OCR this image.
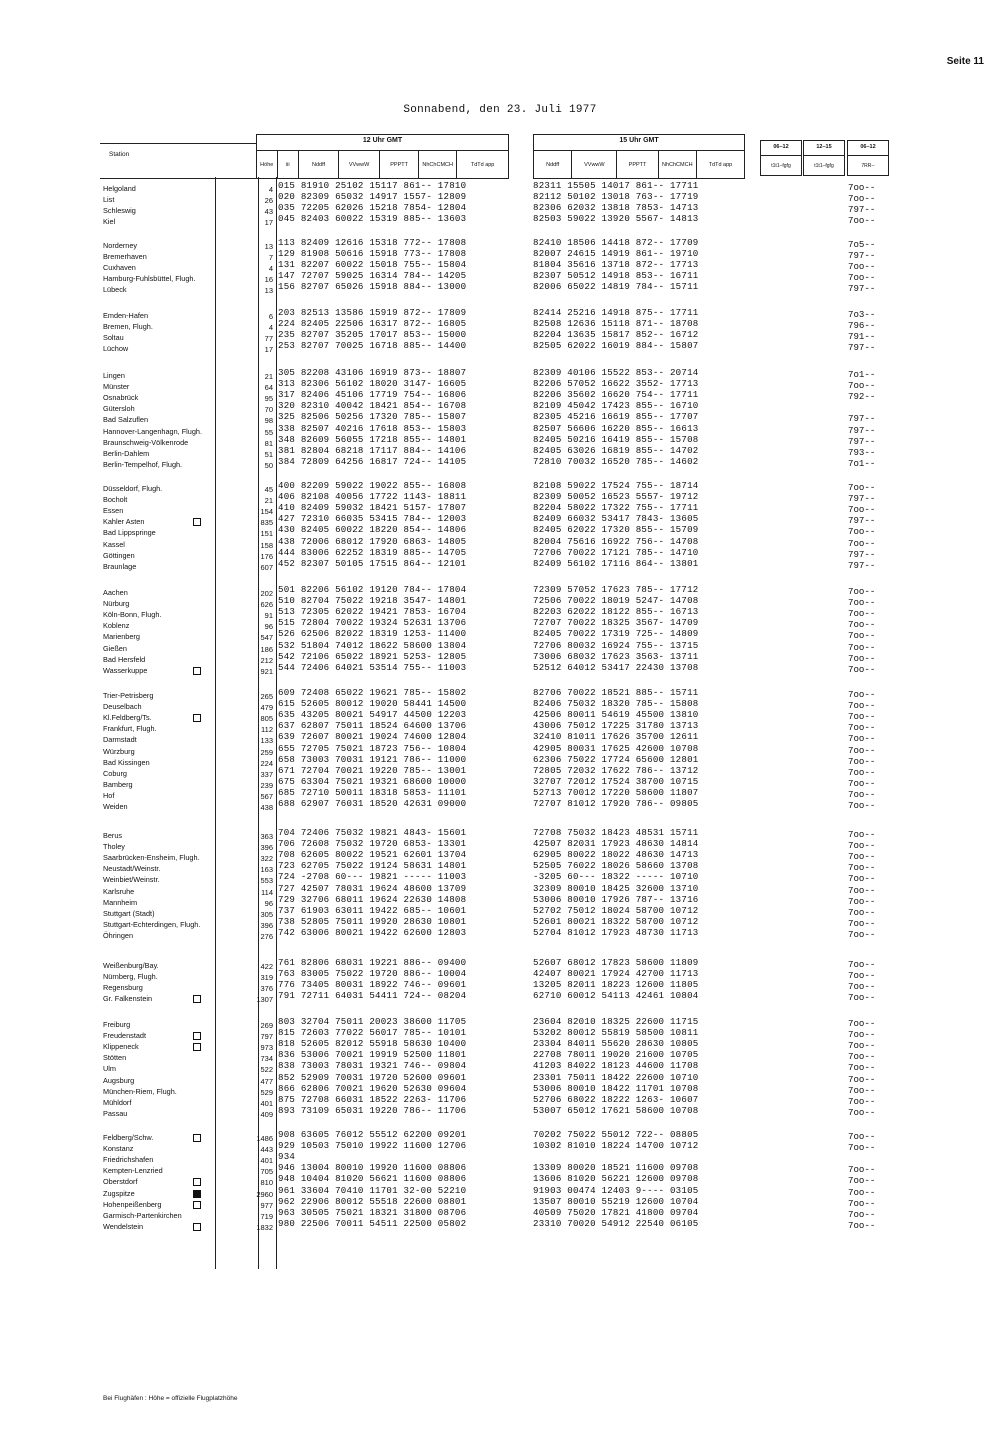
Seite 11
Sonnabend, den 23. Juli 1977
Station
12 Uhr GMT
Höhe	iii	Nddff	VVwwW	PPPTT	NhChCMCH	TdTd app
15 Uhr GMT
Nddff	VVwwW	PPPTT	NhChCMCH	TdTd app
06–12
t1t1–fgfg
12–15
t1t1–fgfg
06–12
7RR--
Helgoland	4 015 81910 25102 15117 861-- 17810	82311 15505 14017 861-- 17711	7oo--
List	26 020 82309 65032 14917 1557- 12809	82112 50102 13018 763-- 17719	7oo--
Schleswig	43 035 72205 62026 15218 7854- 12804	82306 62032 13818 7853- 14713	797--
Kiel	17 045 82403 60022 15319 885-- 13603	82503 59022 13920 5567- 14813	7oo--
Norderney	13 113 82409 12616 15318 772-- 17808	82410 18506 14418 872-- 17709	7o5--
Bremerhaven	7 129 81908 50616 15918 773-- 17808	82007 24615 14919 861-- 19710	797--
Cuxhaven	4 131 82207 60022 15018 755-- 15804	81804 35616 13718 872-- 17713	7oo--
Hamburg-Fuhlsbüttel, Flugh.	16 147 72707 59025 16314 784-- 14205	82307 50512 14918 853-- 16711	7oo--
Lübeck	13 156 82707 65026 15918 884-- 13000	82006 65022 14819 784-- 15711	797--
Emden-Hafen	6 203 82513 13586 15919 872-- 17809	82414 25216 14918 875-- 17711	7o3--
Bremen, Flugh.	4 224 82405 22506 16317 872-- 16805	82508 12636 15118 871-- 18708	796--
Soltau	77 235 82707 35205 17017 853-- 15000	82204 13635 15817 852-- 16712	791--
Lüchow	17 253 82707 70025 16718 885-- 14400	82505 62022 16019 884-- 15807	797--
Lingen	21 305 82208 43106 16919 873-- 18807	82309 40106 15522 853-- 20714	7o1--
Münster	64 313 82306 56102 18020 3147- 16605	82206 57052 16622 3552- 17713	7oo--
Osnabrück	95 317 82406 45106 17719 754-- 16806	82206 35602 16620 754-- 17711	792--
Gütersloh	70 320 82310 40042 18421 854-- 16708	82109 45042 17423 855-- 16710
Bad Salzuflen	98 325 82506 50256 17320 785-- 15807	82305 45216 16619 855-- 17707	797--
Hannover-Langenhagn, Flugh.	55 338 82507 40216 17618 853-- 15803	82507 56606 16220 855-- 16613	797--
Braunschweig-Völkenrode	81 348 82609 56055 17218 855-- 14801	82405 50216 16419 855-- 15708	797--
Berlin-Dahlem	51 381 82804 68218 17117 884-- 14106	82405 63026 16819 855-- 14702	793--
Berlin-Tempelhof, Flugh.	50 384 72809 64256 16817 724-- 14105	72810 70032 16520 785-- 14602	7o1--
Düsseldorf, Flugh.	45 400 82209 59022 19022 855-- 16808	82108 59022 17524 755-- 18714	7oo--
Bocholt	21 406 82108 40056 17722 1143- 18811	82309 50052 16523 5557- 19712	797--
Essen	154 410 82409 59032 18421 5157- 17807	82204 58022 17322 755-- 17711	7oo--
Kahler Asten	835 427 72310 66035 53415 784-- 12003	82409 66032 53417 7843- 13605	797--
Bad Lippspringe	151 430 82405 60022 18220 854-- 14806	82405 62022 17320 855-- 15709	7oo--
Kassel	158 438 72006 68012 17920 6863- 14805	82004 75616 16922 756-- 14708	7oo--
Göttingen	176 444 83006 62252 18319 885-- 14705	72706 70022 17121 785-- 14710	797--
Braunlage	607 452 82307 50105 17515 864-- 12101	82409 56102 17116 864-- 13801	797--
Aachen	202 501 82206 56102 19120 784-- 17804	72309 57052 17623 785-- 17712	7oo--
Nürburg	626 510 82704 75022 19218 3547- 14801	72506 70022 18019 5247- 14708	7oo--
Köln-Bonn, Flugh.	91 513 72305 62022 19421 7853- 16704	82203 62022 18122 855-- 16713	7oo--
Koblenz	96 515 72804 70022 19324 52631 13706	72707 70022 18325 3567- 14709	7oo--
Marienberg	547 526 62506 82022 18319 1253- 11400	82405 70022 17319 725-- 14809	7oo--
Gießen	186 532 51804 74012 18622 58600 13804	72706 80032 16924 755-- 13715	7oo--
Bad Hersfeld	212 542 72106 65022 18921 5253- 12805	73006 68032 17623 3563- 13711	7oo--
Wasserkuppe	921 544 72406 64021 53514 755-- 11003	52512 64012 53417 22430 13708	7oo--
Trier-Petrisberg	265 609 72408 65022 19621 785-- 15802	82706 70022 18521 885-- 15711	7oo--
Deuselbach	479 615 52605 80012 19020 58441 14500	82406 75032 18320 785-- 15808	7oo--
Kl.Feldberg/Ts.	805 635 43205 80021 54917 44500 12203	42506 80011 54619 45500 13810	7oo--
Frankfurt, Flugh.	112 637 62807 75011 18524 64600 13706	43006 75012 17225 31780 13713	7oo--
Darmstadt	133 639 72607 80021 19024 74600 12804	32410 81011 17626 35700 12611	7oo--
Würzburg	259 655 72705 75021 18723 756-- 10804	42905 80031 17625 42600 10708	7oo--
Bad Kissingen	224 658 73003 70031 19121 786-- 11000	62306 75022 17724 65600 12801	7oo--
Coburg	337 671 72704 70021 19220 785-- 13001	72805 72032 17622 786-- 13712	7oo--
Bamberg	239 675 63304 75021 19321 68600 10000	32707 72012 17524 38700 10715	7oo--
Hof	567 685 72710 50011 18318 5853- 11101	52713 70012 17220 58600 11807	7oo--
Weiden	438 688 62907 76031 18520 42631 09000	72707 81012 17920 786-- 09805	7oo--
Berus	363 704 72406 75032 19821 4843- 15601	72708 75032 18423 48531 15711	7oo--
Tholey	396 706 72608 75032 19720 6853- 13301	42507 82031 17923 48630 14814	7oo--
Saarbrücken-Ensheim, Flugh.	322 708 62605 80022 19521 62601 13704	62905 80022 18022 48630 14713	7oo--
Neustadt/Weinstr.	163 723 62705 75022 19124 58631 14801	52505 76022 18026 58660 13708	7oo--
Weinbiet/Weinstr.	553 724 -2708 60--- 19821 ----- 11003	-3205 60--- 18322 ----- 10710	7oo--
Karlsruhe	114 727 42507 78031 19624 48600 13709	32309 80010 18425 32600 13710	7oo--
Mannheim	96 729 32706 68011 19624 22630 14808	53006 80010 17926 787-- 13716	7oo--
Stuttgart (Stadt)	305 737 61903 63011 19422 685-- 10601	52702 75012 18024 58700 10712	7oo--
Stuttgart-Echterdingen, Flugh.	396 738 52805 75011 19920 28630 10801	52601 80021 18322 58700 10712	7oo--
Öhringen	276 742 63006 80021 19422 62600 12803	52704 81012 17923 48730 11713	7oo--
Weißenburg/Bay.	422 761 82806 68031 19221 886-- 09400	52607 68012 17823 58600 11809	7oo--
Nürnberg, Flugh.	319 763 83005 75022 19720 886-- 10004	42407 80021 17924 42700 11713	7oo--
Regensburg	376 776 73405 80031 18922 746-- 09601	13205 82011 18223 12600 11805	7oo--
Gr. Falkenstein	1307 791 72711 64031 54411 724-- 08204	62710 60012 54113 42461 10804	7oo--
Freiburg	269 803 32704 75011 20023 38600 11705	23604 82010 18325 22600 11715	7oo--
Freudenstadt	797 815 72603 77022 56017 785-- 10101	53202 80012 55819 58500 10811	7oo--
Klippeneck	973 818 52605 82012 55918 58630 10400	23304 84011 55620 28630 10805	7oo--
Stötten	734 836 53006 70021 19919 52500 11801	22708 78011 19020 21600 10705	7oo--
Ulm	522 838 73003 78031 19321 746-- 09804	41203 84022 18123 44600 11708	7oo--
Augsburg	477 852 52909 70031 19720 52600 09601	23301 75011 18422 22600 10710	7oo--
München-Riem, Flugh.	529 866 62806 70021 19620 52630 09604	53006 80010 18422 11701 10708	7oo--
Mühldorf	401 875 72708 66031 18522 2263- 11706	52706 68022 18222 1263- 10607	7oo--
Passau	409 893 73109 65031 19220 786-- 11706	53007 65012 17621 58600 10708	7oo--
Feldberg/Schw.	1486 908 63605 76012 55512 62200 09201	70202 75022 55012 722-- 08805	7oo--
Konstanz	443 929 10503 75010 19922 11600 12706	10302 81010 18224 14700 10712	7oo--
Friedrichshafen	401 934
Kempten-Lenzried	705 946 13004 80010 19920 11600 08806	13309 80020 18521 11600 09708	7oo--
Oberstdorf	810 948 10404 81020 56621 11600 08806	13606 81020 56221 12600 09708	7oo--
Zugspitze	2960 961 33604 70410 11701 32-00 52210	91903 00474 12403 9---- 03105	7oo--
Hohenpeißenberg	977 962 22906 80012 55518 22600 08801	13507 80010 55219 12600 10704	7oo--
Garmisch-Partenkirchen	719 963 30505 75021 18321 31800 08706	40509 75020 17821 41800 09704	7oo--
Wendelstein	1832 980 22506 70011 54511 22500 05802	23310 70020 54912 22540 06105	7oo--
Bei Flughäfen : Höhe = offizielle Flugplatzhöhe
